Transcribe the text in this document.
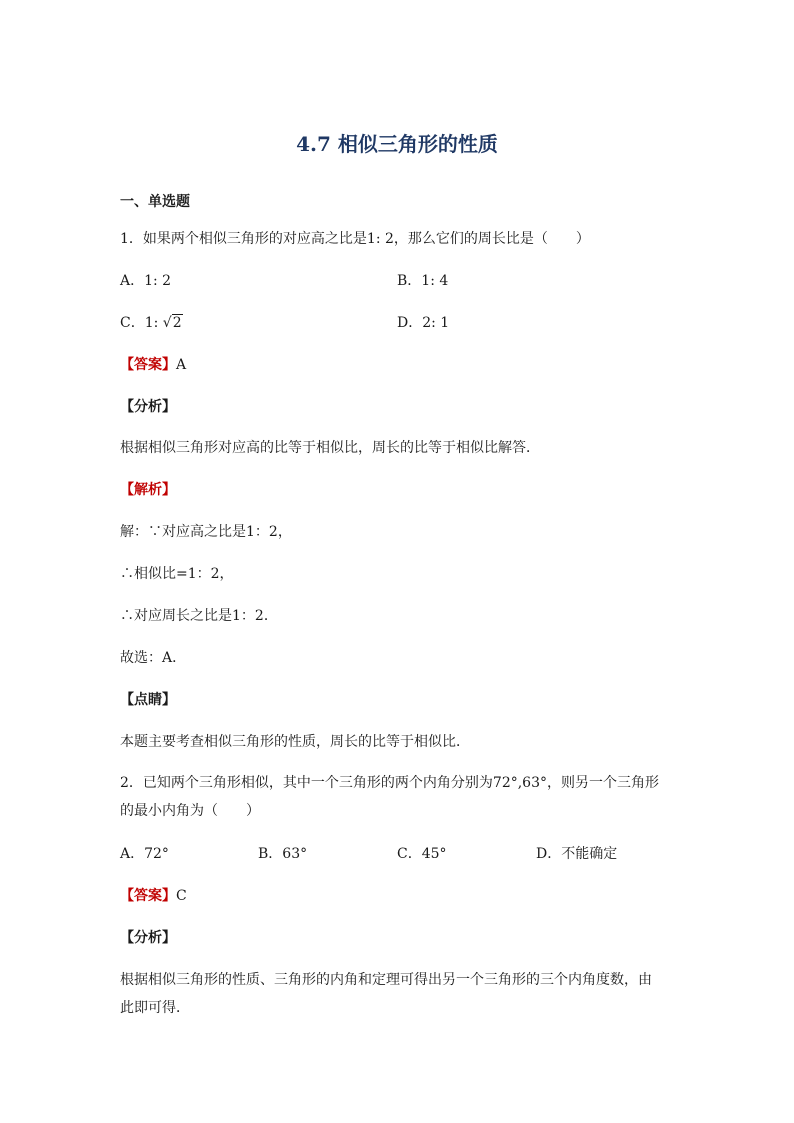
4.7 相似三角形的性质
一、单选题
1．如果两个相似三角形的对应高之比是1: 2，那么它们的周长比是（　　）
A．1: 2	B．1: 4
C．1: √2	D．2: 1
【答案】A
【分析】
根据相似三角形对应高的比等于相似比，周长的比等于相似比解答．
【解析】
解：∵对应高之比是1：2，
∴相似比=1：2，
∴对应周长之比是1：2．
故选：A．
【点睛】
本题主要考查相似三角形的性质，周长的比等于相似比．
2．已知两个三角形相似，其中一个三角形的两个内角分别为72°,63°，则另一个三角形
的最小内角为（　　）
A．72°	B．63°	C．45°	D．不能确定
【答案】C
【分析】
根据相似三角形的性质、三角形的内角和定理可得出另一个三角形的三个内角度数，由
此即可得．
